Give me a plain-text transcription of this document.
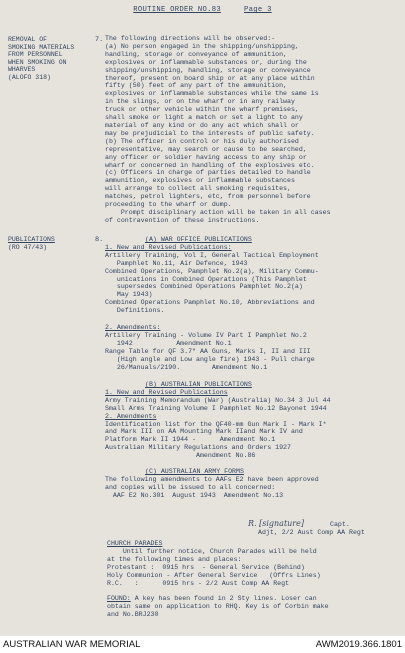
ROUTINE ORDER NO.83	Page 3
REMOVAL OF
SMOKING MATERIALS
FROM PERSONNEL
WHEN SMOKING ON
WHARVES
(ALOFO 318)
7. The following directions will be observed:-
(a) No person engaged in the shipping/unshipping,
handling, storage or conveyance of ammunition,
explosives or inflammable substances or, during the
shipping/unshipping, handling, storage or conveyance
thereof, present on board ship or at any place within
fifty (50) feet of any part of the ammunition,
explosives or inflammable substances while the same is
in the slings, or on the wharf or in any railway
truck or other vehicle within the wharf premises,
shall smoke or light a match or set a light to any
material of any kind or do any act which shall or
may be prejudicial to the interests of public safety.
(b) The officer in control or his duly authorised
representative, may search or cause to be searched,
any officer or soldier having access to any ship or
wharf or concerned in handling of the explosives etc.
(c) Officers in charge of parties detailed to handle
ammunition, explosives or inflammable substances
will arrange to collect all smoking requisites,
matches, petrol lighters, etc, from personnel before
proceeding to the wharf or dump.
Prompt disciplinary action will be taken in all cases
of contravention of these instructions.
PUBLICATIONS
(RO 47/43)
8.	(A) WAR OFFICE PUBLICATIONS
1. New and Revised Publications:
Artillery Training, Vol I, General Tactical Employment
Pamphlet No.11, Air Defence, 1943
Combined Operations, Pamphlet No.2(a), Military Commu-
unications in Combined Operations (This Pamphlet
supersedes Combined Operations Pamphlet No.2(a)
May 1943)
Combined Operations Pamphlet No.10, Abbreviations and
Definitions.
2. Amendments:
Artillery Training - Volume IV Part I Pamphlet No.2
1942           Amendment No.1
Range Table for QF 3.7" AA Guns, Marks I, II and III
(High angle and Low angle fire) 1943 - Pull charge
26/Manuals/2190.        Amendment No.1
(B) AUSTRALIAN PUBLICATIONS
1. New and Revised Publications
Army Training Memorandum (War) (Australia) No.34 3 Jul 44
Small Arms Training Volume I Pamphlet No.12 Bayonet 1944
2. Amendments
Identification list for the QF40-mm Gun Mark I - Mark I*
and Mark III on AA Mounting Mark IIand Mark IV and
Platform Mark II 1944 -      Amendment No.1
Australian Military Regulations and Orders 1927
Amendment No.86
(C) AUSTRALIAN ARMY FORMS
The following amendments to AAFs E2 have been approved
and copies will be issued to all concerned:
AAF E2 No.301  August 1943  Amendment No.13
R. [signature]	Capt.
Adjt, 2/2 Aust Comp AA Regt
CHURCH PARADES
Until further notice, Church Parades will be held
at the following times and places:
Protestant :  0915 hrs  - General Service (Behind)
Holy Communion - After General Service   (Offrs Lines)
R.C.   :      0915 hrs - 2/2 Aust Comp AA Regt
FOUND: A key has been found in 2 Sty lines. Loser can
obtain same on application to RHQ. Key is of Corbin make
and No.BRJ230
AUSTRALIAN WAR MEMORIAL	AWM2019.366.1801
